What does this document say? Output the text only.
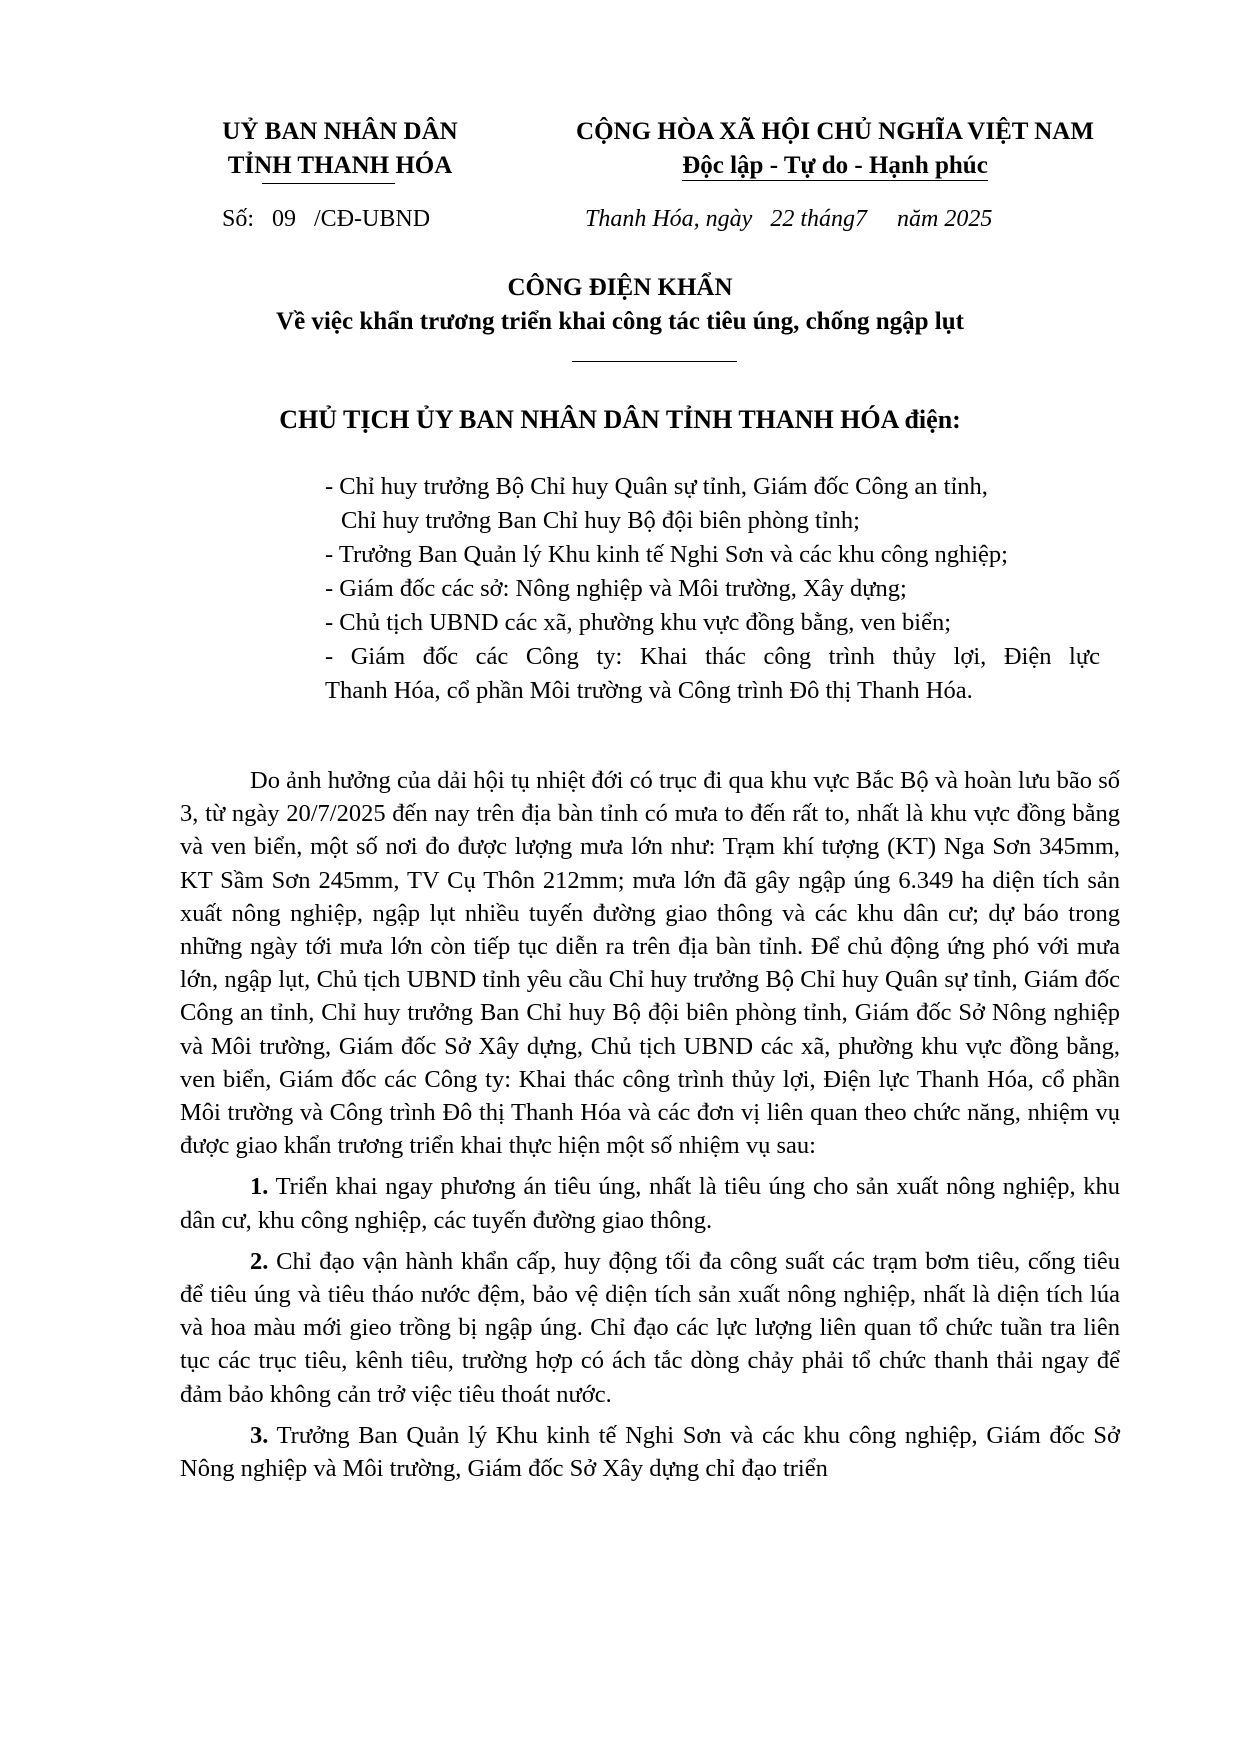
UỶ BAN NHÂN DÂN
TỈNH THANH HÓA
CỘNG HÒA XÃ HỘI CHỦ NGHĨA VIỆT NAM
Độc lập - Tự do - Hạnh phúc
Số:   09   /CĐ-UBND	Thanh Hóa, ngày   22 tháng7     năm 2025
CÔNG ĐIỆN KHẨN
Về việc khẩn trương triển khai công tác tiêu úng, chống ngập lụt
CHỦ TỊCH ỦY BAN NHÂN DÂN TỈNH THANH HÓA điện:
- Chỉ huy trưởng Bộ Chỉ huy Quân sự tỉnh, Giám đốc Công an tỉnh,
Chỉ huy trưởng Ban Chỉ huy Bộ đội biên phòng tỉnh;
- Trưởng Ban Quản lý Khu kinh tế Nghi Sơn và các khu công nghiệp;
- Giám đốc các sở: Nông nghiệp và Môi trường, Xây dựng;
- Chủ tịch UBND các xã, phường khu vực đồng bằng, ven biển;
- Giám đốc các Công ty: Khai thác công trình thủy lợi, Điện lực
Thanh Hóa, cổ phần Môi trường và Công trình Đô thị Thanh Hóa.

Do ảnh hưởng của dải hội tụ nhiệt đới có trục đi qua khu vực Bắc Bộ và hoàn lưu bão số 3, từ ngày 20/7/2025 đến nay trên địa bàn tỉnh có mưa to đến rất to, nhất là khu vực đồng bằng và ven biển, một số nơi đo được lượng mưa lớn như: Trạm khí tượng (KT) Nga Sơn 345mm, KT Sầm Sơn 245mm, TV Cụ Thôn 212mm; mưa lớn đã gây ngập úng 6.349 ha diện tích sản xuất nông nghiệp, ngập lụt nhiều tuyến đường giao thông và các khu dân cư; dự báo trong những ngày tới mưa lớn còn tiếp tục diễn ra trên địa bàn tỉnh. Để chủ động ứng phó với mưa lớn, ngập lụt, Chủ tịch UBND tỉnh yêu cầu Chỉ huy trưởng Bộ Chỉ huy Quân sự tỉnh, Giám đốc Công an tỉnh, Chỉ huy trưởng Ban Chỉ huy Bộ đội biên phòng tỉnh, Giám đốc Sở Nông nghiệp và Môi trường, Giám đốc Sở Xây dựng, Chủ tịch UBND các xã, phường khu vực đồng bằng, ven biển, Giám đốc các Công ty: Khai thác công trình thủy lợi, Điện lực Thanh Hóa, cổ phần Môi trường và Công trình Đô thị Thanh Hóa và các đơn vị liên quan theo chức năng, nhiệm vụ được giao khẩn trương triển khai thực hiện một số nhiệm vụ sau:

1. Triển khai ngay phương án tiêu úng, nhất là tiêu úng cho sản xuất nông nghiệp, khu dân cư, khu công nghiệp, các tuyến đường giao thông.

2. Chỉ đạo vận hành khẩn cấp, huy động tối đa công suất các trạm bơm tiêu, cống tiêu để tiêu úng và tiêu tháo nước đệm, bảo vệ diện tích sản xuất nông nghiệp, nhất là diện tích lúa và hoa màu mới gieo trồng bị ngập úng. Chỉ đạo các lực lượng liên quan tổ chức tuần tra liên tục các trục tiêu, kênh tiêu, trường hợp có ách tắc dòng chảy phải tổ chức thanh thải ngay để đảm bảo không cản trở việc tiêu thoát nước.

3. Trưởng Ban Quản lý Khu kinh tế Nghi Sơn và các khu công nghiệp, Giám đốc Sở Nông nghiệp và Môi trường, Giám đốc Sở Xây dựng chỉ đạo triển
